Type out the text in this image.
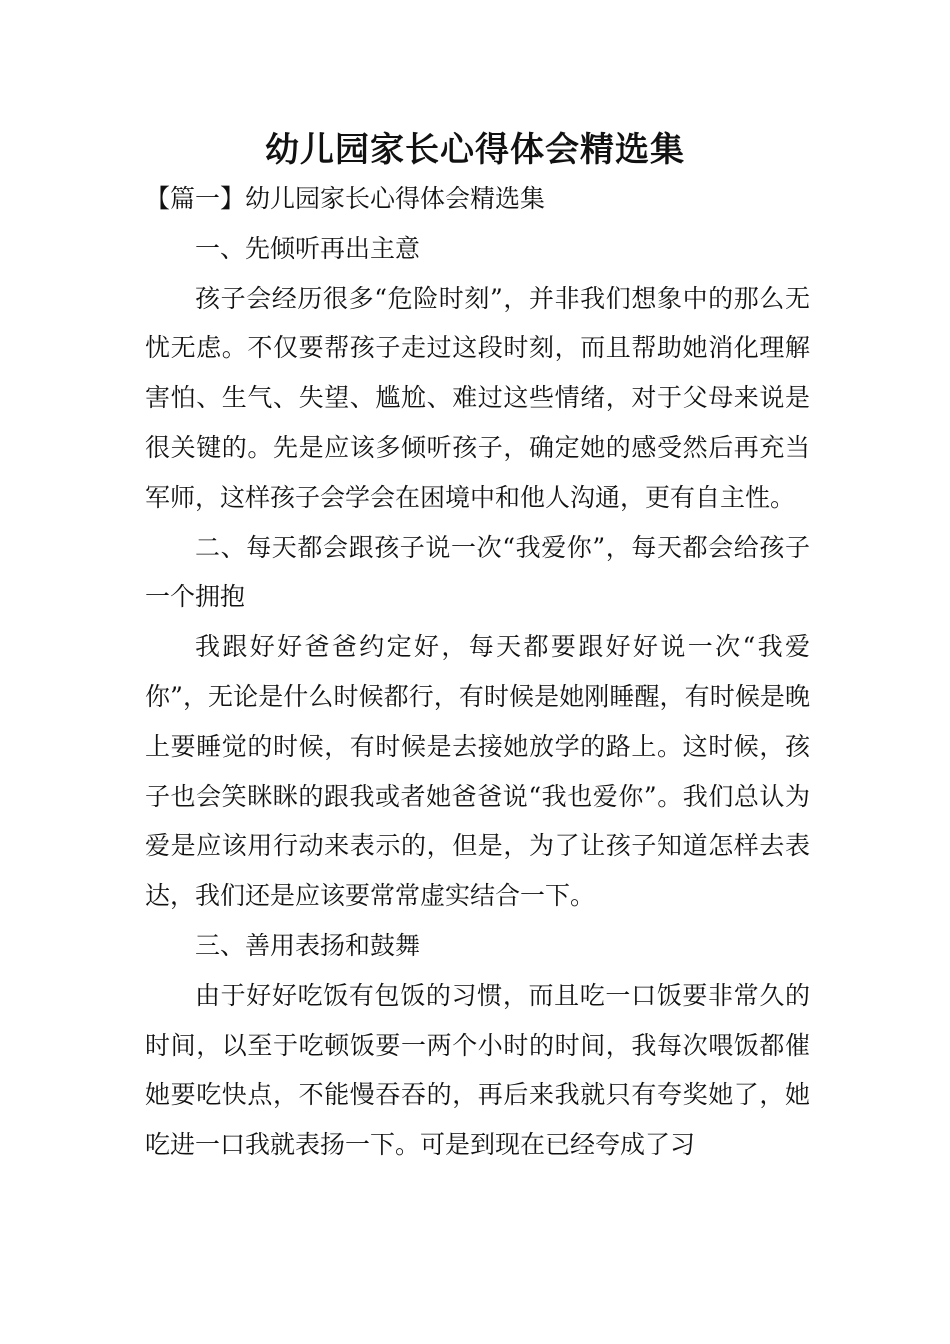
幼儿园家长心得体会精选集

【篇一】幼儿园家长心得体会精选集

一、先倾听再出主意

孩子会经历很多“危险时刻”，并非我们想象中的那么无忧无虑。不仅要帮孩子走过这段时刻，而且帮助她消化理解害怕、生气、失望、尴尬、难过这些情绪，对于父母来说是很关键的。先是应该多倾听孩子，确定她的感受然后再充当军师，这样孩子会学会在困境中和他人沟通，更有自主性。

二、每天都会跟孩子说一次“我爱你”，每天都会给孩子一个拥抱

我跟好好爸爸约定好，每天都要跟好好说一次“我爱你”，无论是什么时候都行，有时候是她刚睡醒，有时候是晚上要睡觉的时候，有时候是去接她放学的路上。这时候，孩子也会笑眯眯的跟我或者她爸爸说“我也爱你”。我们总认为爱是应该用行动来表示的，但是，为了让孩子知道怎样去表达，我们还是应该要常常虚实结合一下。

三、善用表扬和鼓舞

由于好好吃饭有包饭的习惯，而且吃一口饭要非常久的时间，以至于吃顿饭要一两个小时的时间，我每次喂饭都催她要吃快点，不能慢吞吞的，再后来我就只有夸奖她了，她吃进一口我就表扬一下。可是到现在已经夸成了习
